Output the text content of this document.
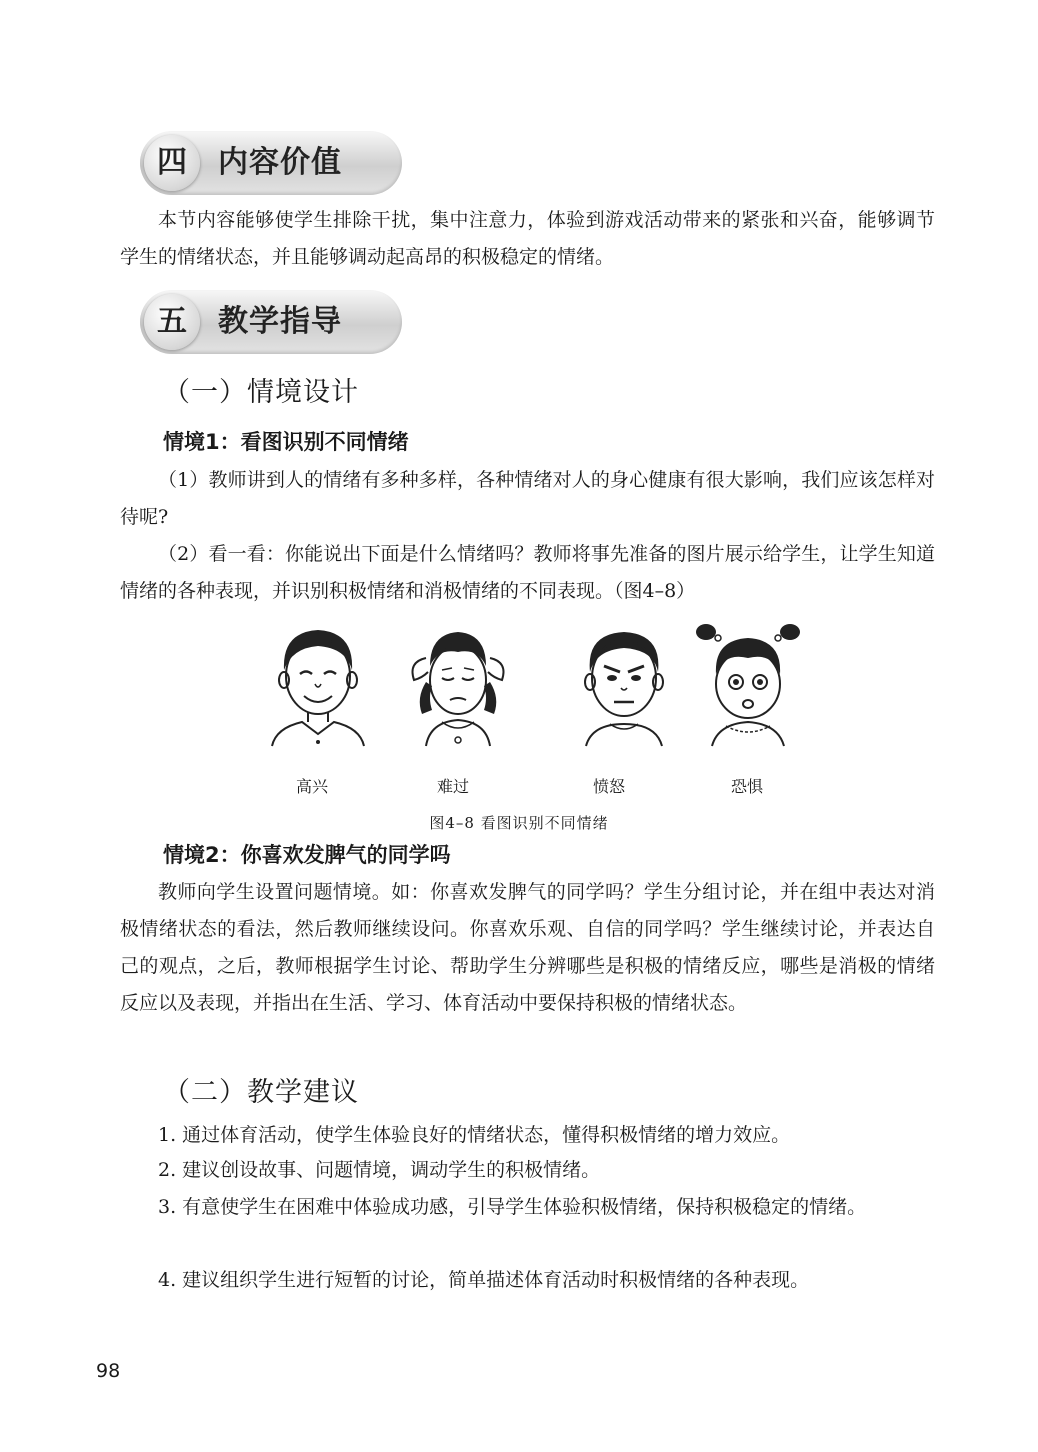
四	内容价值

本节内容能够使学生排除干扰，集中注意力，体验到游戏活动带来的紧张和兴奋，能够调节学生的情绪状态，并且能够调动起高昂的积极稳定的情绪。

五	教学指导
（一）情境设计
情境1：看图识别不同情绪

（1）教师讲到人的情绪有多种多样，各种情绪对人的身心健康有很大影响，我们应该怎样对待呢?

（2）看一看：你能说出下面是什么情绪吗？教师将事先准备的图片展示给学生，让学生知道情绪的各种表现，并识别积极情绪和消极情绪的不同表现。（图4–8）

高兴	难过	愤怒	恐惧
图4–8 看图识别不同情绪
情境2：你喜欢发脾气的同学吗

教师向学生设置问题情境。如：你喜欢发脾气的同学吗？学生分组讨论，并在组中表达对消极情绪状态的看法，然后教师继续设问。你喜欢乐观、自信的同学吗？学生继续讨论，并表达自己的观点，之后，教师根据学生讨论、帮助学生分辨哪些是积极的情绪反应，哪些是消极的情绪反应以及表现，并指出在生活、学习、体育活动中要保持积极的情绪状态。

（二）教学建议

1. 通过体育活动，使学生体验良好的情绪状态，懂得积极情绪的增力效应。

2. 建议创设故事、问题情境，调动学生的积极情绪。

3. 有意使学生在困难中体验成功感，引导学生体验积极情绪，保持积极稳定的情绪。

4. 建议组织学生进行短暂的讨论，简单描述体育活动时积极情绪的各种表现。

98
